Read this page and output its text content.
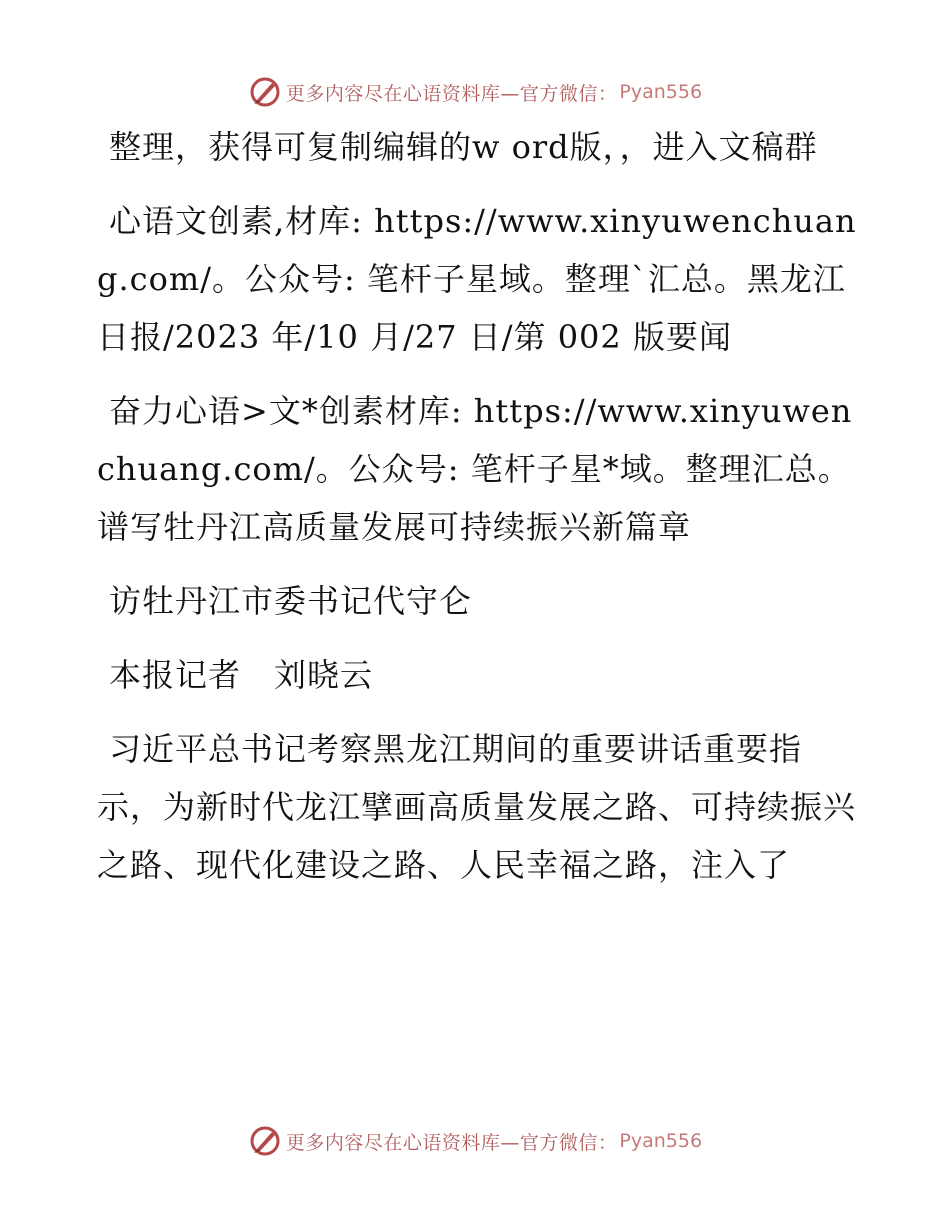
更多内容尽在心语资料库—官方微信： Pyan556

整理，获得可复制编辑的w ord版，，进入文稿群

心语文创素,材库: https://www.xinyuwenchuang.com/。公众号: 笔杆子星域。整理`汇总。黑龙江日报/2023 年/10 月/27 日/第 002 版要闻

奋力心语>文*创素材库: https://www.xinyuwenchuang.com/。公众号: 笔杆子星*域。整理汇总。谱写牡丹江高质量发展可持续振兴新篇章

访牡丹江市委书记代守仑

本报记者　刘晓云

习近平总书记考察黑龙江期间的重要讲话重要指示，为新时代龙江擘画高质量发展之路、可持续振兴之路、现代化建设之路、人民幸福之路，注入了

更多内容尽在心语资料库—官方微信： Pyan556
